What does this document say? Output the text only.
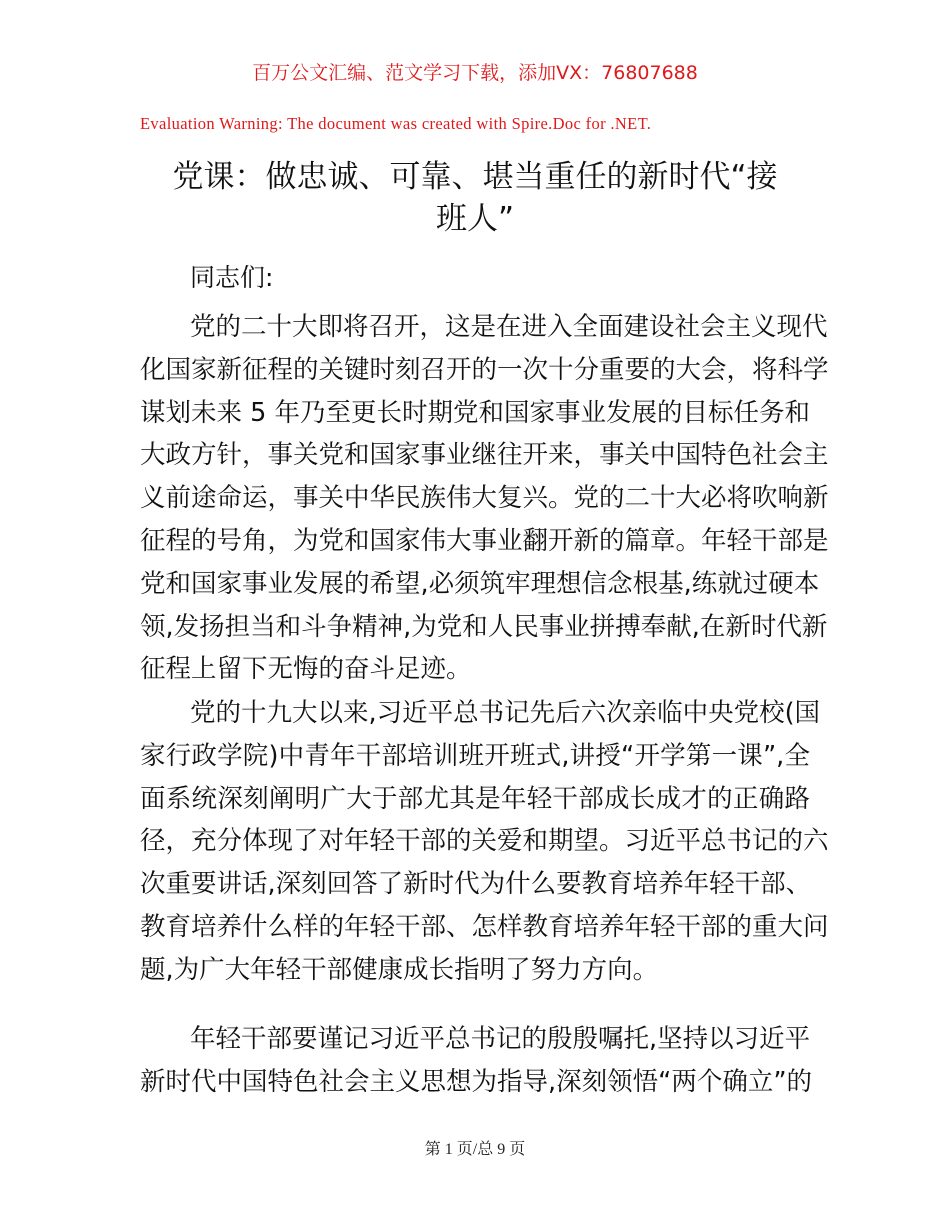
百万公文汇编、范文学习下载，添加VX：76807688
Evaluation Warning: The document was created with Spire.Doc for .NET.
党课：做忠诚、可靠、堪当重任的新时代“接
班人”
同志们:
党的二十大即将召开，这是在进入全面建设社会主义现代
化国家新征程的关键时刻召开的一次十分重要的大会，将科学
谋划未来 5 年乃至更长时期党和国家事业发展的目标任务和
大政方针，事关党和国家事业继往开来，事关中国特色社会主
义前途命运，事关中华民族伟大复兴。党的二十大必将吹响新
征程的号角，为党和国家伟大事业翻开新的篇章。年轻干部是
党和国家事业发展的希望,必须筑牢理想信念根基,练就过硬本
领,发扬担当和斗争精神,为党和人民事业拼搏奉献,在新时代新
征程上留下无悔的奋斗足迹。
党的十九大以来,习近平总书记先后六次亲临中央党校(国
家行政学院)中青年干部培训班开班式,讲授“开学第一课”,全
面系统深刻阐明广大于部尤其是年轻干部成长成才的正确路
径，充分体现了对年轻干部的关爱和期望。习近平总书记的六
次重要讲话,深刻回答了新时代为什么要教育培养年轻干部、
教育培养什么样的年轻干部、怎样教育培养年轻干部的重大问
题,为广大年轻干部健康成长指明了努力方向。
年轻干部要谨记习近平总书记的殷殷嘱托,坚持以习近平
新时代中国特色社会主义思想为指导,深刻领悟“两个确立”的
第 1 页/总 9 页
